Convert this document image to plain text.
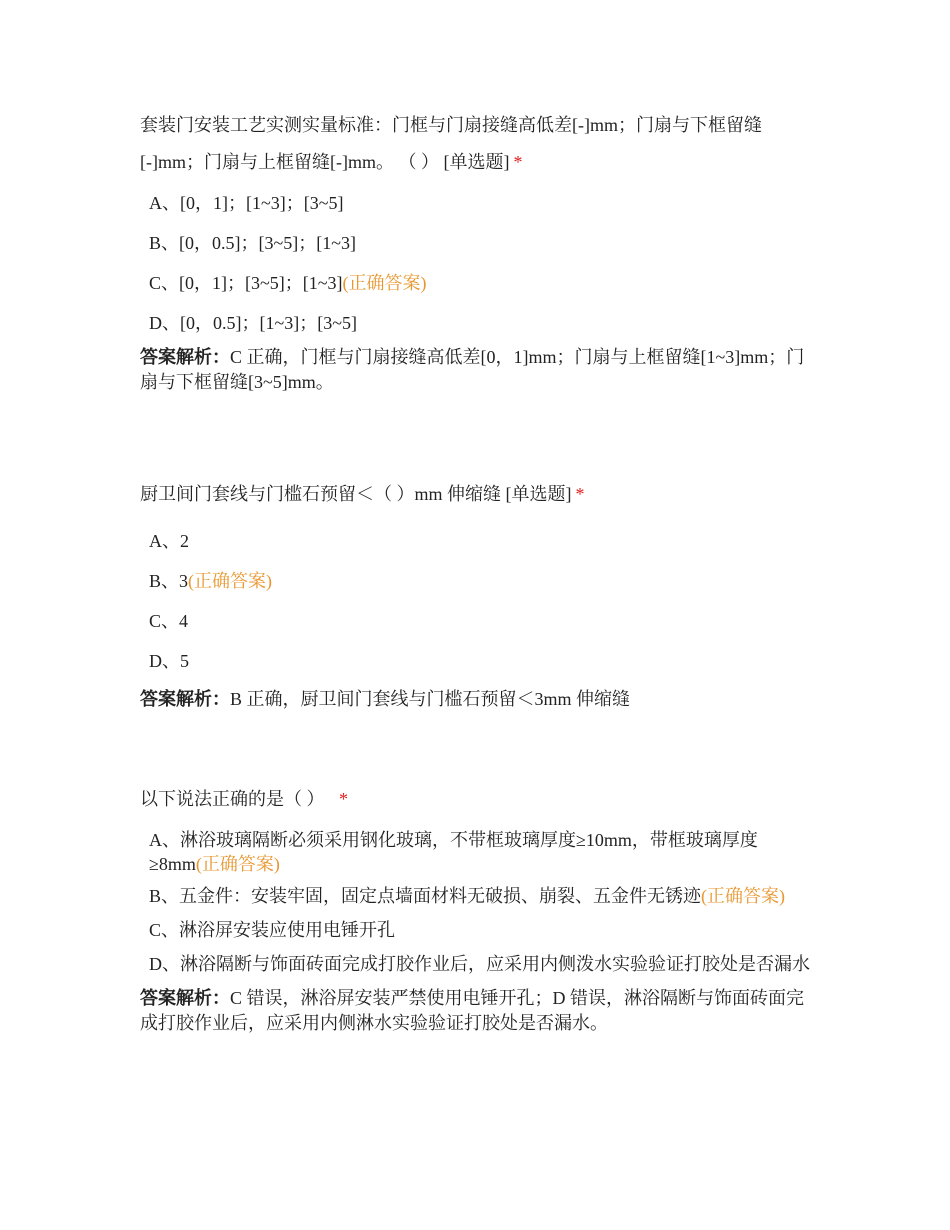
套装门安装工艺实测实量标准：门框与门扇接缝高低差[-]mm；门扇与下框留缝[-]mm；门扇与上框留缝[-]mm。 （ ） [单选题] *

A、[0，1]；[1~3]；[3~5]
B、[0，0.5]；[3~5]；[1~3]
C、[0，1]；[3~5]；[1~3](正确答案)
D、[0，0.5]；[1~3]；[3~5]

答案解析：C 正确，门框与门扇接缝高低差[0，1]mm；门扇与上框留缝[1~3]mm；门扇与下框留缝[3~5]mm。

厨卫间门套线与门槛石预留＜（ ）mm 伸缩缝 [单选题] *

A、2
B、3(正确答案)
C、4
D、5

答案解析：B 正确，厨卫间门套线与门槛石预留＜3mm 伸缩缝

以下说法正确的是（ ） *

A、淋浴玻璃隔断必须采用钢化玻璃，不带框玻璃厚度≥10mm，带框玻璃厚度≥8mm(正确答案)
B、五金件：安装牢固，固定点墙面材料无破损、崩裂、五金件无锈迹(正确答案)
C、淋浴屏安装应使用电锤开孔
D、淋浴隔断与饰面砖面完成打胶作业后，应采用内侧泼水实验验证打胶处是否漏水

答案解析：C 错误，淋浴屏安装严禁使用电锤开孔；D 错误，淋浴隔断与饰面砖面完成打胶作业后，应采用内侧淋水实验验证打胶处是否漏水。
